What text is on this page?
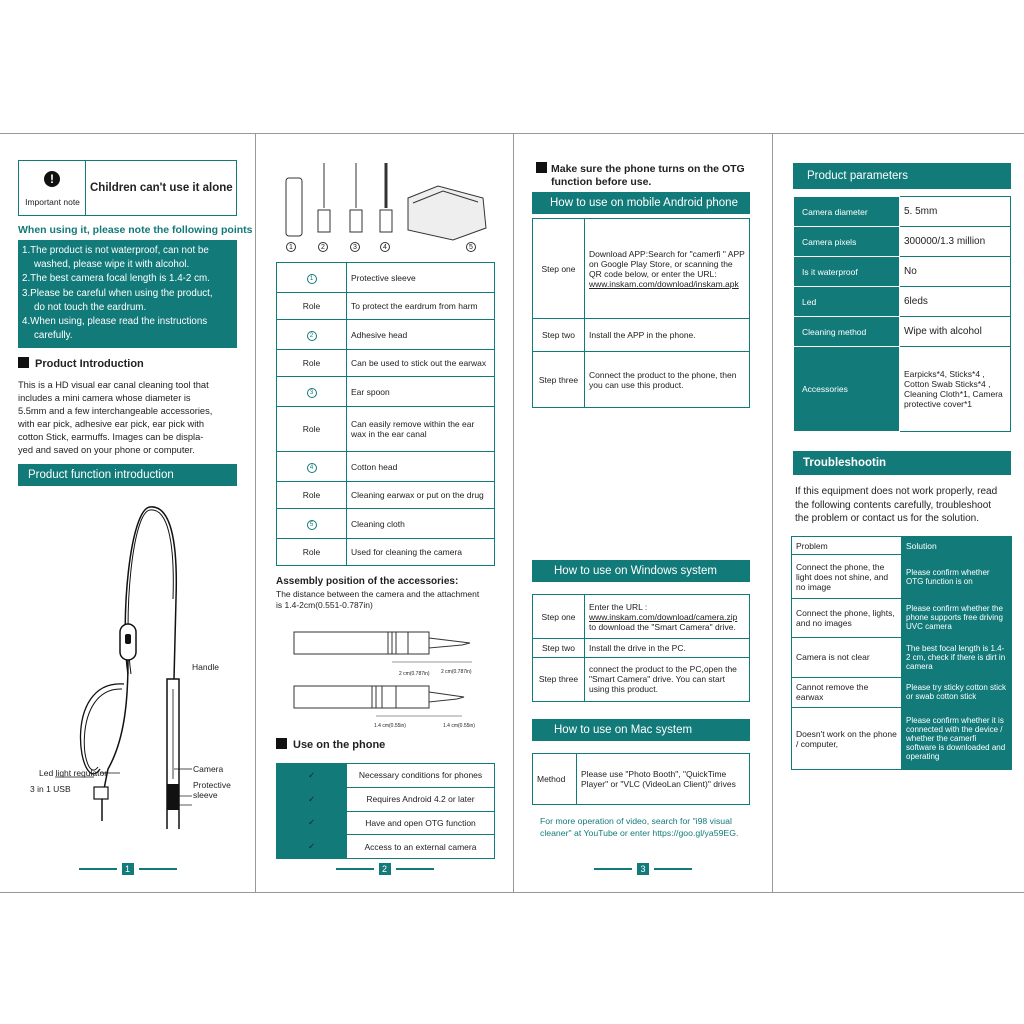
!
Important note
Children can't use it alone
When using it, please note the following points
1.The product is not waterproof, can not be
washed, please wipe it with alcohol.
2.The best camera focal length is 1.4-2 cm.
3.Please be careful when using the product,
do not touch the eardrum.
4.When using, please read the instructions
carefully.
Product Introduction
This is a HD visual ear canal cleaning tool that
includes a mini camera whose diameter is
5.5mm and a few interchangeable accessories,
with ear pick, adhesive ear pick, ear pick with
cotton Stick, earmuffs. Images can be displa-
yed and saved on your phone or computer.
Product function introduction
Led light regulator
Handle
3 in 1 USB
Camera
Protective
sleeve
1
1	2	3	4	5
1	Protective sleeve
Role	To protect the eardrum from harm
2	Adhesive head
Role	Can be used to stick out the earwax
3	Ear spoon
Role	Can easily remove within the ear wax in the ear canal
4	Cotton head
Role	Cleaning earwax or put on the drug
5	Cleaning cloth
Role	Used for cleaning the camera
Assembly position of the accessories:
The distance between the camera and the attachment
is 1.4-2cm(0.551-0.787in)
2 cm(0.787in) 2 cm(0.787in)
1.4 cm(0.55in)	1.4 cm(0.55in)
Use on the phone
✓	Necessary conditions for phones
✓	Requires Android 4.2 or later
✓	Have and open OTG function
✓	Access to an external camera
2
Make sure the phone turns on the OTG
function before use.
How to use on mobile Android phone
Step one	Download APP:Search for "camerfi " APP on Google Play Store, or scanning the QR code below, or enter the URL:
www.inskam.com/download/inskam.apk
Step two	Install the APP in the phone.
Step three	Connect the product to the phone, then you can use this product.
How to use on Windows system
Step one	Enter the URL :
www.inskam.com/download/camera.zip
to download the "Smart Camera" drive.
Step two	Install the drive in the PC.
Step three	connect the product to the PC,open the "Smart Camera" drive. You can start using this product.
How to use on Mac system
Method	Please use "Photo Booth", "QuickTime Player" or "VLC (VideoLan Client)" drives
For more operation of video, search for "i98 visual
cleaner" at YouTube or enter https://goo.gl/ya59EG.
3
Product parameters
Camera diameter	5. 5mm
Camera pixels	300000/1.3 million
Is it waterproof	No
Led	6leds
Cleaning method	Wipe with alcohol
Accessories	Earpicks*4, Sticks*4 , Cotton Swab Sticks*4 , Cleaning Cloth*1, Camera protective cover*1
Troubleshootin
If this equipment does not work properly, read
the following contents carefully, troubleshoot
the problem or contact us for the solution.
Problem	Solution
Connect the phone, the light does not shine, and no image	Please confirm whether OTG function is on
Connect the phone, lights, and no images	Please confirm whether the phone supports free driving UVC camera
Camera is not clear	The best focal length is 1.4-2 cm, check if there is dirt in camera
Cannot remove the earwax	Please try sticky cotton stick or swab cotton stick
Doesn't work on the phone / computer,	Please confirm whether it is connected with the device / whether the camerfi software is downloaded and operating
